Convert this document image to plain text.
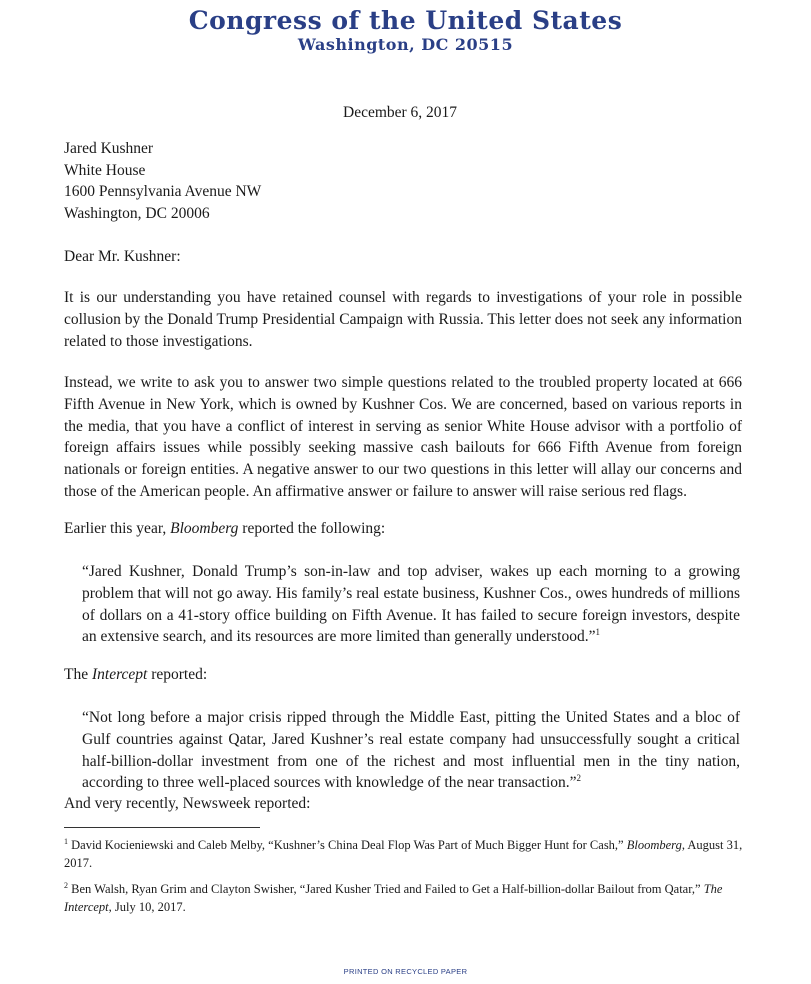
Congress of the United States
Washington, DC 20515
December 6, 2017
Jared Kushner
White House
1600 Pennsylvania Avenue NW
Washington, DC 20006
Dear Mr. Kushner:

It is our understanding you have retained counsel with regards to investigations of your role in possible collusion by the Donald Trump Presidential Campaign with Russia. This letter does not seek any information related to those investigations.

Instead, we write to ask you to answer two simple questions related to the troubled property located at 666 Fifth Avenue in New York, which is owned by Kushner Cos. We are concerned, based on various reports in the media, that you have a conflict of interest in serving as senior White House advisor with a portfolio of foreign affairs issues while possibly seeking massive cash bailouts for 666 Fifth Avenue from foreign nationals or foreign entities. A negative answer to our two questions in this letter will allay our concerns and those of the American people. An affirmative answer or failure to answer will raise serious red flags.

Earlier this year, Bloomberg reported the following:

“Jared Kushner, Donald Trump’s son-in-law and top adviser, wakes up each morning to a growing problem that will not go away. His family’s real estate business, Kushner Cos., owes hundreds of millions of dollars on a 41-story office building on Fifth Avenue. It has failed to secure foreign investors, despite an extensive search, and its resources are more limited than generally understood.”$^1$

The Intercept reported:

“Not long before a major crisis ripped through the Middle East, pitting the United States and a bloc of Gulf countries against Qatar, Jared Kushner’s real estate company had unsuccessfully sought a critical half-billion-dollar investment from one of the richest and most influential men in the tiny nation, according to three well-placed sources with knowledge of the near transaction.”$^2$

And very recently, Newsweek reported:

$^1$ David Kocieniewski and Caleb Melby, “Kushner’s China Deal Flop Was Part of Much Bigger Hunt for Cash,” Bloomberg, August 31, 2017.

$^2$ Ben Walsh, Ryan Grim and Clayton Swisher, “Jared Kusher Tried and Failed to Get a Half-billion-dollar Bailout from Qatar,” The Intercept, July 10, 2017.

PRINTED ON RECYCLED PAPER
